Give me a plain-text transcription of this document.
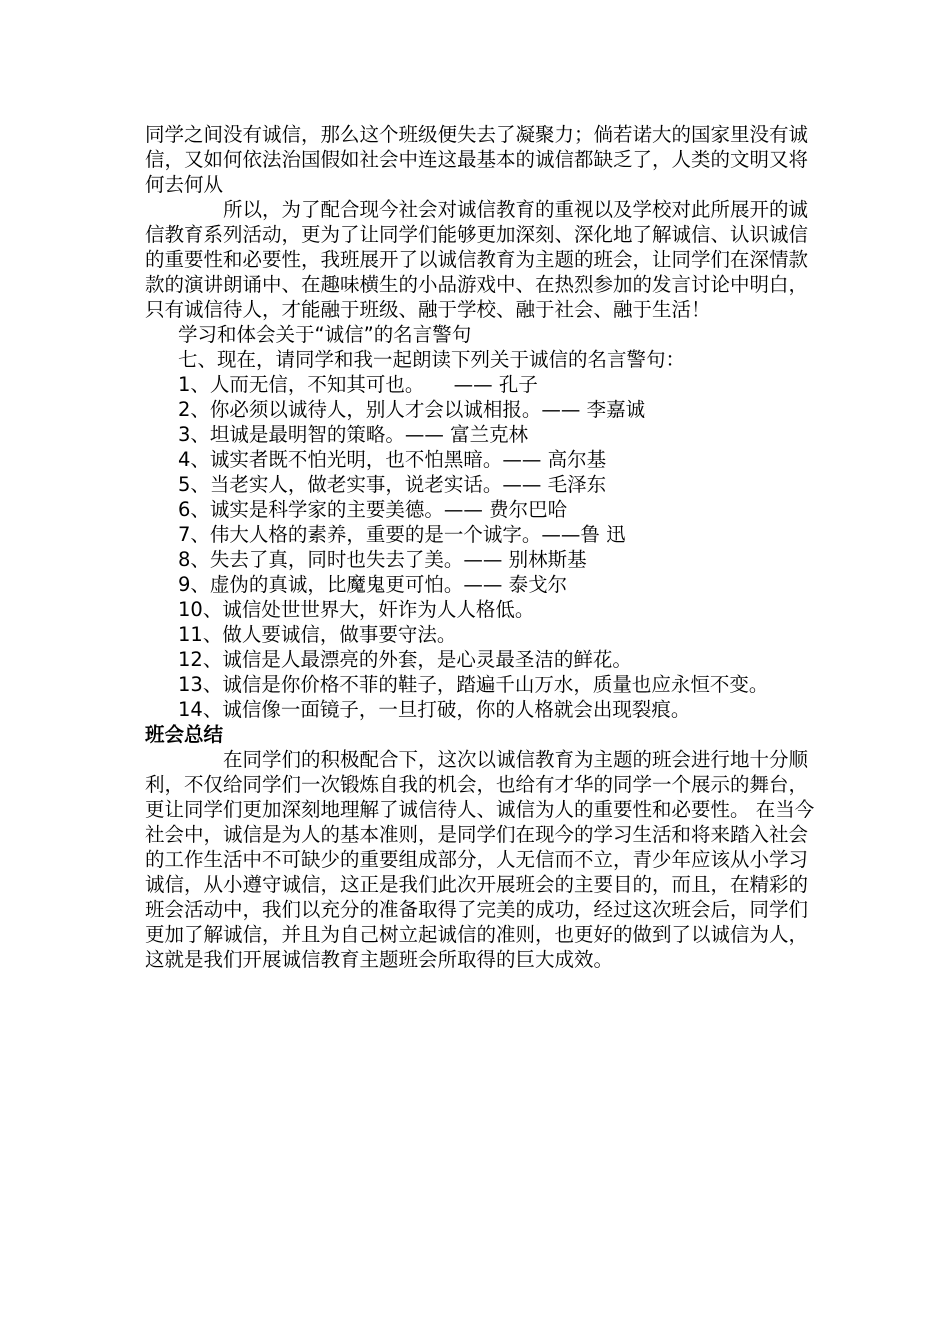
同学之间没有诚信，那么这个班级便失去了凝聚力；倘若诺大的国家里没有诚信，又如何依法治国假如社会中连这最基本的诚信都缺乏了，人类的文明又将何去何从

所以，为了配合现今社会对诚信教育的重视以及学校对此所展开的诚信教育系列活动，更为了让同学们能够更加深刻、深化地了解诚信、认识诚信的重要性和必要性，我班展开了以诚信教育为主题的班会，让同学们在深情款款的演讲朗诵中、在趣味横生的小品游戏中、在热烈参加的发言讨论中明白，只有诚信待人，才能融于班级、融于学校、融于社会、融于生活！

学习和体会关于“诚信”的名言警句

七、现在，请同学和我一起朗读下列关于诚信的名言警句：

1、人而无信，不知其可也。　　—— 孔子

2、你必须以诚待人，别人才会以诚相报。—— 李嘉诚

3、坦诚是最明智的策略。—— 富兰克林

4、诚实者既不怕光明，也不怕黑暗。—— 高尔基

5、当老实人，做老实事，说老实话。—— 毛泽东

6、诚实是科学家的主要美德。—— 费尔巴哈

7、伟大人格的素养，重要的是一个诚字。——鲁 迅

8、失去了真，同时也失去了美。—— 别林斯基

9、虚伪的真诚，比魔鬼更可怕。—— 泰戈尔

10、诚信处世世界大，奸诈为人人格低。

11、做人要诚信，做事要守法。

12、诚信是人最漂亮的外套，是心灵最圣洁的鲜花。

13、诚信是你价格不菲的鞋子，踏遍千山万水，质量也应永恒不变。

14、诚信像一面镜子，一旦打破，你的人格就会出现裂痕。

班会总结

在同学们的积极配合下，这次以诚信教育为主题的班会进行地十分顺利，不仅给同学们一次锻炼自我的机会，也给有才华的同学一个展示的舞台，更让同学们更加深刻地理解了诚信待人、诚信为人的重要性和必要性。 在当今社会中，诚信是为人的基本准则，是同学们在现今的学习生活和将来踏入社会的工作生活中不可缺少的重要组成部分，人无信而不立，青少年应该从小学习诚信，从小遵守诚信，这正是我们此次开展班会的主要目的，而且，在精彩的班会活动中，我们以充分的准备取得了完美的成功，经过这次班会后，同学们更加了解诚信，并且为自己树立起诚信的准则，也更好的做到了以诚信为人，这就是我们开展诚信教育主题班会所取得的巨大成效。
